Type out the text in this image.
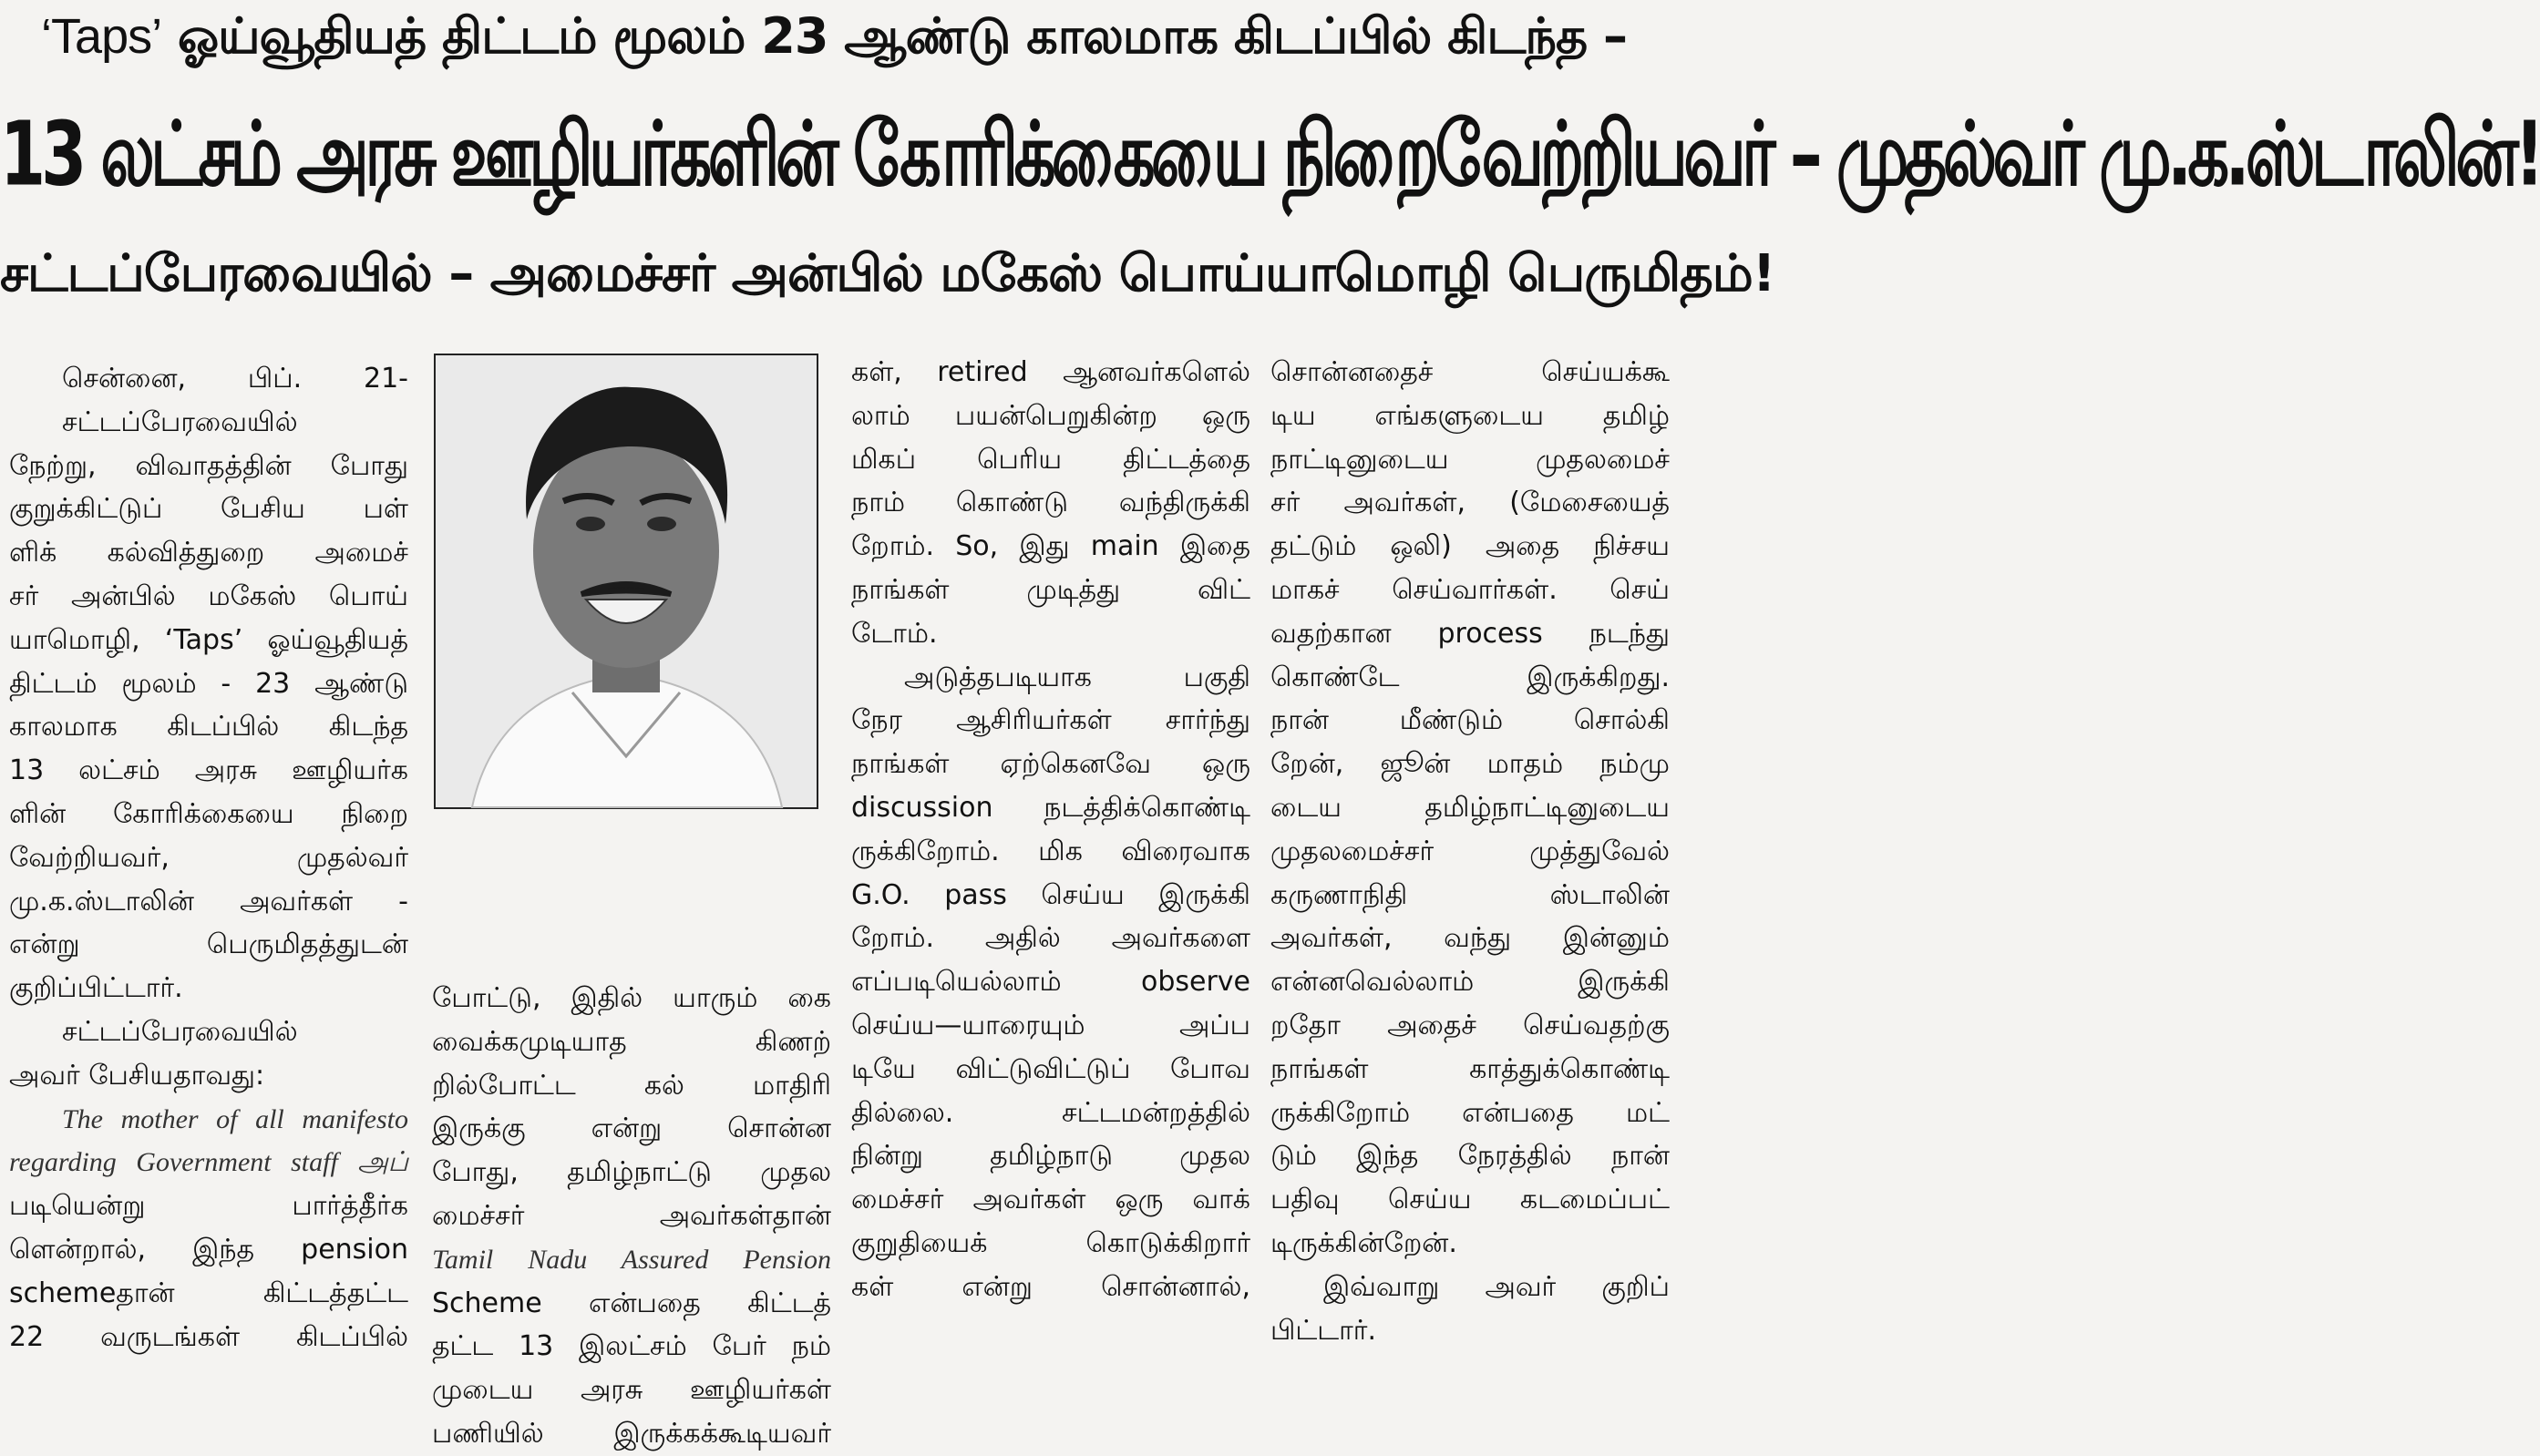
‘Taps’ ஓய்வூதியத் திட்டம் மூலம் 23 ஆண்டு காலமாக கிடப்பில் கிடந்த –
13 லட்சம் அரசு ஊழியர்களின் கோரிக்கையை நிறைவேற்றியவர் – முதல்வர் மு.க.ஸ்டாலின்!
சட்டப்பேரவையில் – அமைச்சர் அன்பில் மகேஸ் பொய்யாமொழி பெருமிதம்!
சென்னை, பிப். 21-
சட்டப்பேரவையில்
நேற்று, விவாதத்தின் போது
குறுக்கிட்டுப் பேசிய பள்
ளிக் கல்வித்துறை அமைச்
சர் அன்பில் மகேஸ் பொய்
யாமொழி, ‘Taps’ ஓய்வூதியத்
திட்டம் மூலம் - 23 ஆண்டு
காலமாக கிடப்பில் கிடந்த
13 லட்சம் அரசு ஊழியர்க
ளின் கோரிக்கையை நிறை
வேற்றியவர், முதல்வர்
மு.க.ஸ்டாலின் அவர்கள் -
என்று பெருமிதத்துடன்
குறிப்பிட்டார்.
சட்டப்பேரவையில்
அவர் பேசியதாவது:
The mother of all manifesto
regarding Government staff அப்
படியென்று பார்த்தீர்க
ளென்றால், இந்த pension
schemeதான் கிட்டத்தட்ட
22 வருடங்கள் கிடப்பில்
போட்டு, இதில் யாரும் கை
வைக்கமுடியாத கிணற்
றில்போட்ட கல் மாதிரி
இருக்கு என்று சொன்ன
போது, தமிழ்நாட்டு முதல
மைச்சர் அவர்கள்தான்
Tamil Nadu Assured Pension
Scheme என்பதை கிட்டத்
தட்ட 13 இலட்சம் பேர் நம்
முடைய அரசு ஊழியர்கள்
பணியில் இருக்கக்கூடியவர்
கள், retired ஆனவர்களெல்
லாம் பயன்பெறுகின்ற ஒரு
மிகப் பெரிய திட்டத்தை
நாம் கொண்டு வந்திருக்கி
றோம். So, இது main இதை
நாங்கள் முடித்து விட்
டோம்.
அடுத்தபடியாக பகுதி
நேர ஆசிரியர்கள் சார்ந்து
நாங்கள் ஏற்கெனவே ஒரு
discussion நடத்திக்கொண்டி
ருக்கிறோம். மிக விரைவாக
G.O. pass செய்ய இருக்கி
றோம். அதில் அவர்களை
எப்படியெல்லாம் observe
செய்ய—யாரையும் அப்ப
டியே விட்டுவிட்டுப் போவ
தில்லை. சட்டமன்றத்தில்
நின்று தமிழ்நாடு முதல
மைச்சர் அவர்கள் ஒரு வாக்
குறுதியைக் கொடுக்கிறார்
கள் என்று சொன்னால்,
சொன்னதைச் செய்யக்கூ
டிய எங்களுடைய தமிழ்
நாட்டினுடைய முதலமைச்
சர் அவர்கள், (மேசையைத்
தட்டும் ஒலி) அதை நிச்சய
மாகச் செய்வார்கள். செய்
வதற்கான process நடந்து
கொண்டே இருக்கிறது.
நான் மீண்டும் சொல்கி
றேன், ஜூன் மாதம் நம்மு
டைய தமிழ்நாட்டினுடைய
முதலமைச்சர் முத்துவேல்
கருணாநிதி ஸ்டாலின்
அவர்கள், வந்து இன்னும்
என்னவெல்லாம் இருக்கி
றதோ அதைச் செய்வதற்கு
நாங்கள் காத்துக்கொண்டி
ருக்கிறோம் என்பதை மட்
டும் இந்த நேரத்தில் நான்
பதிவு செய்ய கடமைப்பட்
டிருக்கின்றேன்.
இவ்வாறு அவர் குறிப்
பிட்டார்.
